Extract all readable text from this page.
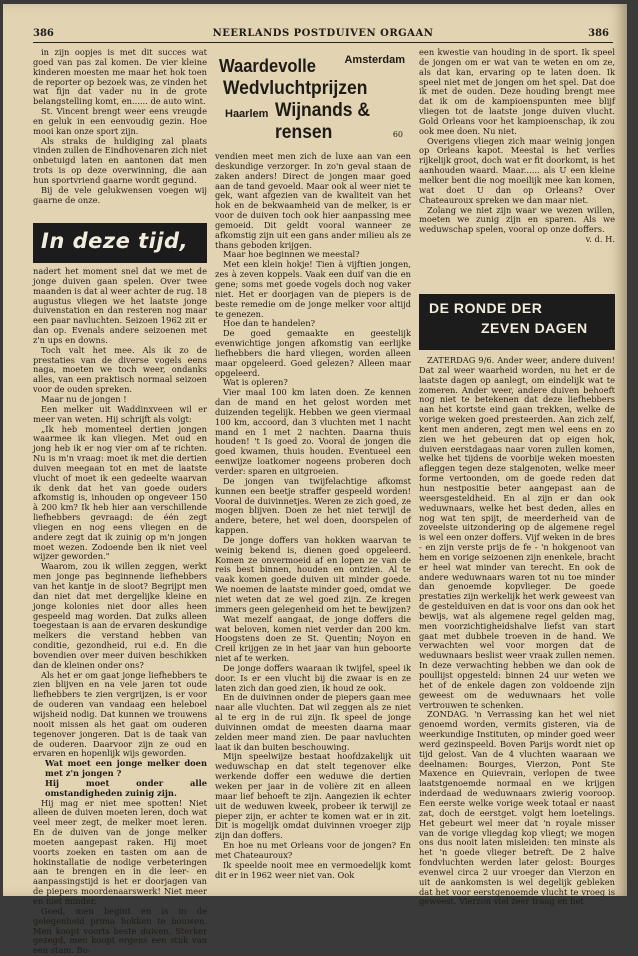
386	NEERLANDS POSTDUIVEN ORGAAN	386

in zijn oopjes is met dit succes wat goed van pas zal komen. De vier kleine kinderen moesten me maar het hok toen de reporter op bezoek was, ze vinden het wat fijn dat vader nu in de grote belangstelling komt, en...... de auto wint.

St. Vincent brengt weer eens vreugde en geluk in een eenvoudig gezin. Hoe mooi kan onze sport zijn.

Als straks de huldiging zal plaats vinden zullen de Eindhovenaren zich niet onbetuigd laten en aantonen dat men trots is op deze overwinning, die aan hun sportvriend gaarne wordt gegund.

Bij de vele gelukwensen voegen wij gaarne de onze.

In deze tijd,

nadert het moment snel dat we met de jonge duiven gaan spelen. Over twee maanden is dat al weer achter de rug. 18 augustus vliegen we het laatste jonge duivenstation en dan resteren nog maar een paar navluchten. Seizoen 1962 zit er dan op. Evenals andere seizoenen met z'n ups en downs.

Toch valt het mee. Als ik zo de prestaties van de diverse vogels eens naga, moeten we toch weer, ondanks alles, van een praktisch normaal seizoen voor de ouden spreken.

Maar nu de jongen !

Een melker uit Waddinxveen wil er meer van weten. Hij schrijft als volgt:

„Ik heb momenteel dertien jongen waarmee ik kan vliegen. Met oud en jong heb ik er nog vier om af te richten. Nu is m'n vraag: moet ik met die dertien duiven meegaan tot en met de laatste vlucht of moet ik een gedeelte waarvan ik denk dat het van goede ouders afkomstig is, inhouden op ongeveer 150 à 200 km? Ik heb hier aan verschillende liefhebbers gevraagd: de één zegt vliegen en nog eens vliegen en de andere zegt dat ik zuinig op m'n jongen moet wezen. Zodoende ben ik niet veel wijzer geworden."

Waarom, zou ik willen zeggen, werkt men jonge pas beginnende liefhebbers van het kantje in de sloot? Begrijpt men dan niet dat met dergelijke kleine en jonge kolonies niet door alles heen gespeeld mag worden. Dat zulks alleen toegestaan is aan de ervaren deskundige melkers die verstand hebben van conditie, gezondheid, rui e.d. En die bovendien over meer duiven beschikken dan de kleinen onder ons?

Als het er om gaat jonge liefhebbers te zien blijven en na vele jaren tot oude liefhebbers te zien vergrijzen, is er voor de ouderen van vandaag een heleboel wijsheid nodig. Dat kunnen we trouwens nooit missen als het gaat om ouderen tegenover jongeren. Dat is de taak van de ouderen. Daarvoor zijn ze oud en ervaren en hopenlijk wijs geworden.

Wat moet een jonge melker doen met z'n jongen ?

Hij moet onder alle omstandigheden zuinig zijn.

Hij mag er niet mee spotten! Niet alleen de duiven moeten leren, doch wat veel meer zegt, de melker moet leren. En de duiven van de jonge melker moeten aangepast raken. Hij moet voorts zoeken en tasten om aan de hokinstallatie de nodige verbeteringen aan te brengen en in die leer- en aanpassingstijd is het er doorjagen van de piepers moordenaarswerk! Niet meer en niet minder.

Goed, men begint en is in de gelegenheid prima hokken te bouwen. Men koopt voorts beste duiven. Sterker gezegd, men koopt ergens een stuk van een stam. Bo-

Waardevolle	Amsterdam
Wedvluchtprijzen
Haarlem Wijnands & rensen	60

vendien meet men zich de luxe aan van een deskundige verzorger. In zo'n geval staan de zaken anders! Direct de jongen maar goed aan de tand gevoeld. Maar ook al weer niet te gek, want afgezien van de kwaliteit van het hok en de bekwaamheid van de melker, is er voor de duiven toch ook hier aanpassing mee gemoeid. Dit geldt vooral wanneer ze afkomstig zijn uit een gans ander milieu als ze thans geboden krijgen.

Maar hoe beginnen we meestal?

Met een klein hokje! Tien à vijftien jongen, zes à zeven koppels. Vaak een duif van die en gene; soms met goede vogels doch nog vaker niet. Het er doorjagen van de piepers is de beste remedie om de jonge melker voor altijd te genezen.

Hoe dan te handelen?

De goed gemaakte en geestelijk evenwichtige jongen afkomstig van eerlijke liefhebbers die hard vliegen, worden alleen maar opgeleerd. Goed gelezen? Alleen maar opgeleerd.

Wat is opleren?

Vier maal 100 km laten doen. Ze kennen dan de mand en het gelost worden met duizenden tegelijk. Hebben we geen viermaal 100 km, accoord, dan 3 vluchten met 1 nacht mand en 1 met 2 nachten. Daarna thuis houden! 't Is goed zo. Vooral de jongen die goed kwamen, thuis houden. Eventueel een eenwijze loatkomer nogeens proberen doch verder: sparen en uitgroeien.

De jongen van twijfelachtige afkomst kunnen een beetje straffer gespeeld worden! Vooral de duivinnetjes. Weren ze zich goed, ze mogen blijven. Doen ze het niet terwijl de andere, betere, het wel doen, doorspelen of kappen.

De jonge doffers van hokken waarvan te weinig bekend is, dienen goed opgeleerd. Komen ze onvermoeid af en lopen ze van de reis best binnen, houden en ontzien. Al te vaak komen goede duiven uit minder goede. We noemen de laatste minder goed, omdat we niet weten dat ze wel goed zijn. Ze kregen immers geen gelegenheid om het te bewijzen?

Wat mezelf aangaat, de jonge doffers die wat beloven, komen niet verder dan 200 km. Hoogstens doen ze St. Quentin; Noyon en Creil krijgen ze in het jaar van hun geboorte niet af te werken.

De jonge doffers waaraan ik twijfel, speel ik door. Is er een vlucht bij die zwaar is en ze laten zich dan goed zien, ik houd ze ook.

En de duivinnen onder de piepers gaan mee naar alle vluchten. Dat wil zeggen als ze niet al te erg in de rui zijn. Ik speel de jonge duivinnen omdat de meesten daarna maar zelden meer mand zien. De paar navluchten laat ik dan buiten beschouwing.

Mijn speelwijze bestaat hoofdzakelijk uit weduwschap en dat stelt tegenover elke werkende doffer een weduwe die dertien weken per jaar in de volière zit en alleen maar lief behoeft te zijn. Aangezien ik echter uit de weduwen kweek, probeer ik terwijl ze pieper zijn, er achter te komen wat er in zit. Dit is mogelijk omdat duivinnen vroeger zijp zijn dan doffers.

En hoe nu met Orleans voor de jongen? En met Chateauroux?

Ik speelde nooit mee en vermoedelijk komt dit er in 1962 weer niet van. Ook

een kwestie van houding in de sport. Ik speel de jongen om er wat van te weten en om ze, als dat kan, ervaring op te laten doen. Ik speel niet met de jongen om het spel. Dat doe ik met de ouden. Deze houding brengt mee dat ik om de kampioenspunten mee blijf vliegen tot de laatste jonge duiven vlucht. Gold Orleans voor het kampioenschap, ik zou ook mee doen. Nu niet.

Overigens vliegen zich maar weinig jongen op Orleans kapot. Meestal is het verlies rijkelijk groot, doch wat er fit doorkomt, is het aanhouden waard. Maar...... als U een kleine melker bent die nog moeilijk mee kan komen, wat doet U dan op Orleans? Over Chateauroux spreken we dan maar niet.

Zolang we niet zijn waar we wezen willen, moeten we zunig zijn en sparen. Als we weduwschap spelen, vooral op onze doffers.

v. d. H.

DE RONDE DER
ZEVEN DAGEN

ZATERDAG 9/6. Ander weer, andere duiven! Dat zal weer waarheid worden, nu het er de laatste dagen op aanlegt, om eindelijk wat te zomeren. Ander weer, andere duiven behoeft nog niet te betekenen dat deze liefhebbers aan het kortste eind gaan trekken, welke de vorige weken goed presteerden. Aan zich zelf, kent men anderen, zegt men wel eens en zo zien we het gebeuren dat op eigen hok, duiven eerstdagaas naar voren zullen komen, welke het tijdens de voorbije weken moesten afleggen tegen deze stalgenoten, welke meer forme vertoonden, om de goede reden dat hun nestpositie beter aangepast aan de weersgesteldheid. En al zijn er dan ook weduwnaars, welke het best deden, alles en nog wat ten spijt, de meerderheid van de zoveelste uitzondering op de algemene regel is wel een onzer doffers. Vijf weken in de bres - en zijn verste prijs de fe - 'n hokgenoot van hem en vorige seizoenen zijn enenkele, bracht er heel wat minder van terecht. En ook de andere weduwnaars waren tot nu toe minder dan genoemde kopvlieger. De goede prestaties zijn werkelijk het werk geweest van de gestelduiven en dat is voor ons dan ook het bewijs, wat als algemene regel gelden mag, men voorzichtigheidshalve liefst van start gaat met dubbele troeven in de hand. We verwachten wel voor morgen dat de weduwnaars beslist weer vraak zullen nemen. In deze verwachting hebben we dan ook de poullijst opgesteld: binnen 24 uur weten we het of de enkele dagen zon voldoende zijn geweest om de weduwnaars het volle vertrouwen te schenken.

ZONDAG. 'n Verrassing kan het wel niet genoemd worden, vermits gisteren, via de weerkundige Instituten, op minder goed weer werd gezinspeeld. Boven Parijs wordt niet op tijd gelost. Van de 4 vluchten waaraan we deelnamen: Bourges, Vierzon, Pont Ste Maxence en Quievrain, verlopen de twee laatstgenoemde normaal en we krijgen inderdaad de weduwnaars zwierig vooroop. Een eerste welke vorige week totaal er naast zat, doch de eerstget. volgt hem loetelings. Het gebeurt wel meer dat 'n royale misser van de vorige vliegdag kop vliegt; we mogen ons dus nooit laten misleiden: ten minste als het 'n goede vlieger betreft. De 2 halve fondvluchten werden later gelost: Bourges evenwel circa 2 uur vroeger dan Vierzon en uit de aankomsten is wel degelijk gebleken dat het voor eerstgenoemde vlucht te vroeg is geweest. Vierzon viel zeer traag en het
